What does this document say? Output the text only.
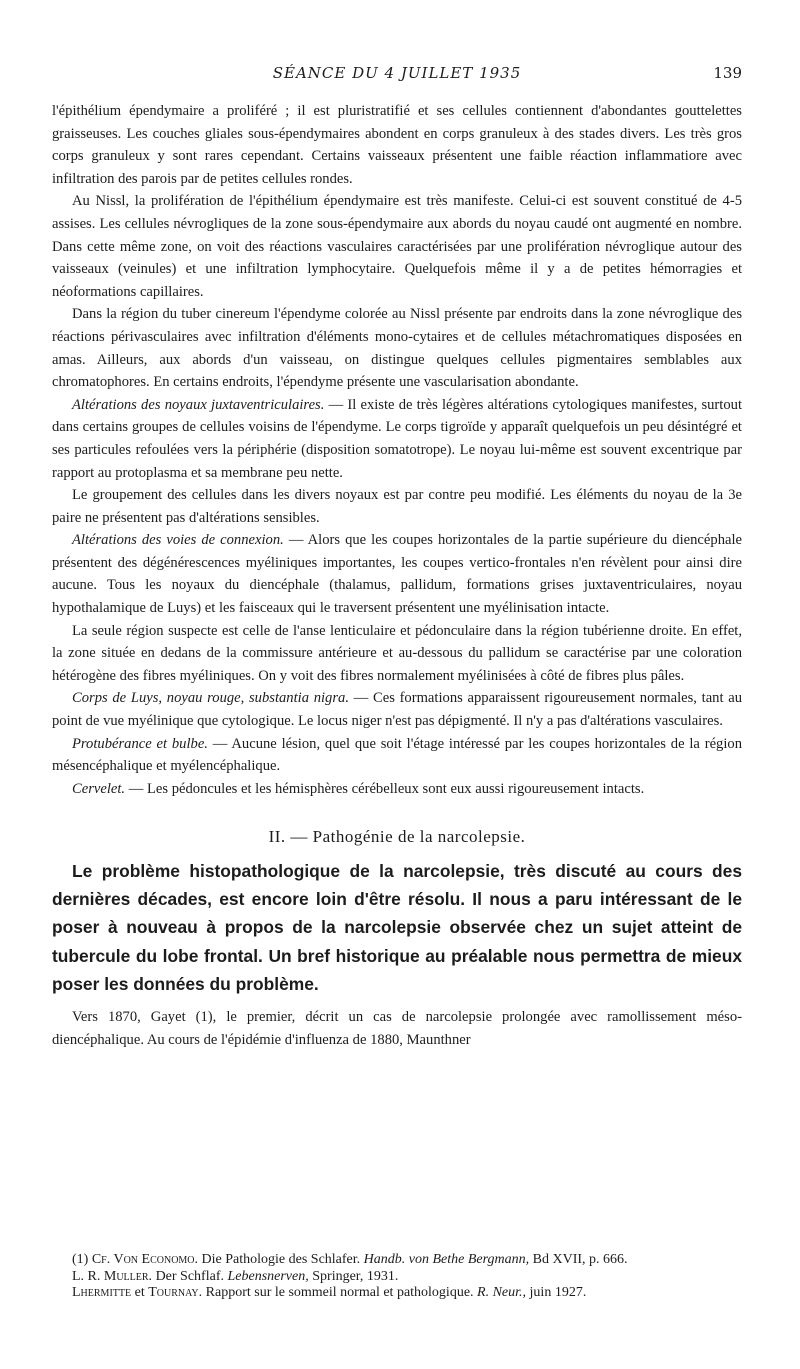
SÉANCE DU 4 JUILLET 1935	139

l'épithélium épendymaire a proliféré ; il est pluristratifié et ses cellules contiennent d'abondantes gouttelettes graisseuses. Les couches gliales sous-épendymaires abondent en corps granuleux à des stades divers. Les très gros corps granuleux y sont rares cependant. Certains vaisseaux présentent une faible réaction inflammatiore avec infiltration des parois par de petites cellules rondes.

Au Nissl, la prolifération de l'épithélium épendymaire est très manifeste. Celui-ci est souvent constitué de 4-5 assises. Les cellules névrogliques de la zone sous-épendymaire aux abords du noyau caudé ont augmenté en nombre. Dans cette même zone, on voit des réactions vasculaires caractérisées par une prolifération névroglique autour des vaisseaux (veinules) et une infiltration lymphocytaire. Quelquefois même il y a de petites hémorragies et néoformations capillaires.

Dans la région du tuber cinereum l'épendyme colorée au Nissl présente par endroits dans la zone névroglique des réactions périvasculaires avec infiltration d'éléments mono-cytaires et de cellules métachromatiques disposées en amas. Ailleurs, aux abords d'un vaisseau, on distingue quelques cellules pigmentaires semblables aux chromatophores. En certains endroits, l'épendyme présente une vascularisation abondante.

Altérations des noyaux juxtaventriculaires. — Il existe de très légères altérations cytologiques manifestes, surtout dans certains groupes de cellules voisins de l'épendyme. Le corps tigroïde y apparaît quelquefois un peu désintégré et ses particules refoulées vers la périphérie (disposition somatotrope). Le noyau lui-même est souvent excentrique par rapport au protoplasma et sa membrane peu nette.

Le groupement des cellules dans les divers noyaux est par contre peu modifié. Les éléments du noyau de la 3e paire ne présentent pas d'altérations sensibles.

Altérations des voies de connexion. — Alors que les coupes horizontales de la partie supérieure du diencéphale présentent des dégénérescences myéliniques importantes, les coupes vertico-frontales n'en révèlent pour ainsi dire aucune. Tous les noyaux du diencéphale (thalamus, pallidum, formations grises juxtaventriculaires, noyau hypothalamique de Luys) et les faisceaux qui le traversent présentent une myélinisation intacte.

La seule région suspecte est celle de l'anse lenticulaire et pédonculaire dans la région tubérienne droite. En effet, la zone située en dedans de la commissure antérieure et au-dessous du pallidum se caractérise par une coloration hétérogène des fibres myéliniques. On y voit des fibres normalement myélinisées à côté de fibres plus pâles.

Corps de Luys, noyau rouge, substantia nigra. — Ces formations apparaissent rigoureusement normales, tant au point de vue myélinique que cytologique. Le locus niger n'est pas dépigmenté. Il n'y a pas d'altérations vasculaires.

Protubérance et bulbe. — Aucune lésion, quel que soit l'étage intéressé par les coupes horizontales de la région mésencéphalique et myélencéphalique.

Cervelet. — Les pédoncules et les hémisphères cérébelleux sont eux aussi rigoureusement intacts.

II. — Pathogénie de la narcolepsie.

Le problème histopathologique de la narcolepsie, très discuté au cours des dernières décades, est encore loin d'être résolu. Il nous a paru intéressant de le poser à nouveau à propos de la narcolepsie observée chez un sujet atteint de tubercule du lobe frontal. Un bref historique au préalable nous permettra de mieux poser les données du problème.

Vers 1870, Gayet (1), le premier, décrit un cas de narcolepsie prolongée avec ramollissement méso-diencéphalique. Au cours de l'épidémie d'influenza de 1880, Maunthner

(1) Cf. Von Economo. Die Pathologie des Schlafer. Handb. von Bethe Bergmann, Bd XVII, p. 666.

L. R. Muller. Der Schflaf. Lebensnerven, Springer, 1931.

Lhermitte et Tournay. Rapport sur le sommeil normal et pathologique. R. Neur., juin 1927.
